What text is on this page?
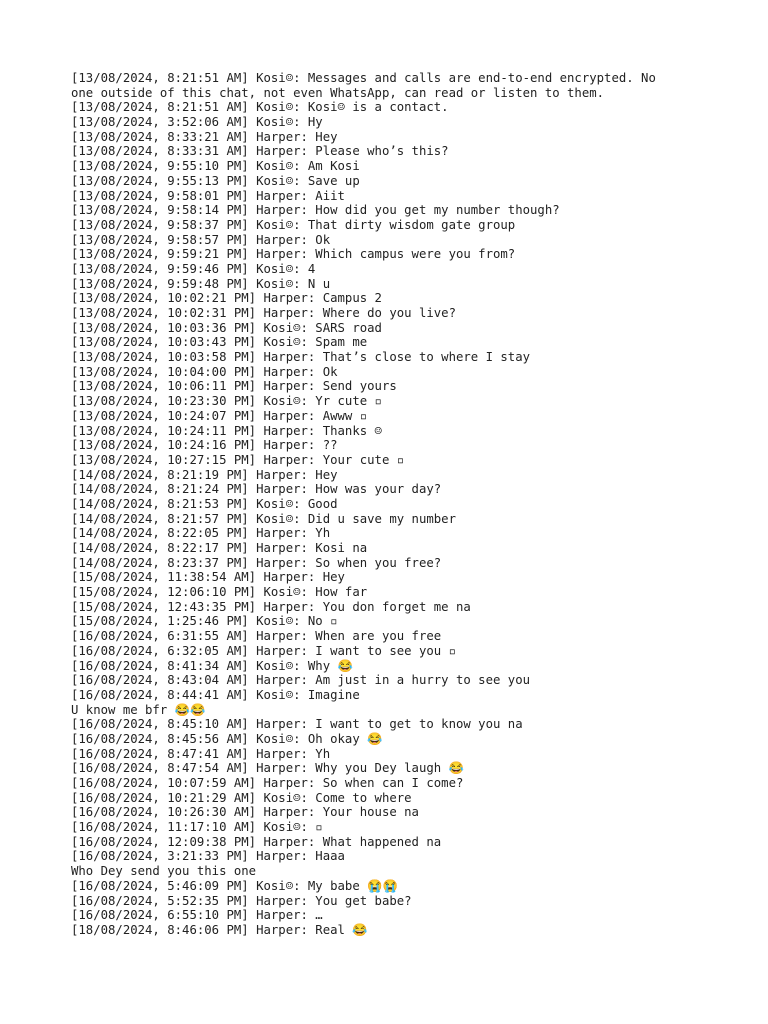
[13/08/2024, 8:21:51 AM] Kosi☺: Messages and calls are end-to-end encrypted. No
one outside of this chat, not even WhatsApp, can read or listen to them.
[13/08/2024, 8:21:51 AM] Kosi☺: Kosi☺ is a contact.
[13/08/2024, 3:52:06 AM] Kosi☺: Hy
[13/08/2024, 8:33:21 AM] Harper: Hey
[13/08/2024, 8:33:31 AM] Harper: Please who’s this?
[13/08/2024, 9:55:10 PM] Kosi☺: Am Kosi
[13/08/2024, 9:55:13 PM] Kosi☺: Save up
[13/08/2024, 9:58:01 PM] Harper: Aiit
[13/08/2024, 9:58:14 PM] Harper: How did you get my number though?
[13/08/2024, 9:58:37 PM] Kosi☺: That dirty wisdom gate group
[13/08/2024, 9:58:57 PM] Harper: Ok
[13/08/2024, 9:59:21 PM] Harper: Which campus were you from?
[13/08/2024, 9:59:46 PM] Kosi☺: 4
[13/08/2024, 9:59:48 PM] Kosi☺: N u
[13/08/2024, 10:02:21 PM] Harper: Campus 2
[13/08/2024, 10:02:31 PM] Harper: Where do you live?
[13/08/2024, 10:03:36 PM] Kosi☺: SARS road
[13/08/2024, 10:03:43 PM] Kosi☺: Spam me
[13/08/2024, 10:03:58 PM] Harper: That’s close to where I stay
[13/08/2024, 10:04:00 PM] Harper: Ok
[13/08/2024, 10:06:11 PM] Harper: Send yours
[13/08/2024, 10:23:30 PM] Kosi☺: Yr cute ▫
[13/08/2024, 10:24:07 PM] Harper: Awww ▫
[13/08/2024, 10:24:11 PM] Harper: Thanks ☺
[13/08/2024, 10:24:16 PM] Harper: ??
[13/08/2024, 10:27:15 PM] Harper: Your cute ▫
[14/08/2024, 8:21:19 PM] Harper: Hey
[14/08/2024, 8:21:24 PM] Harper: How was your day?
[14/08/2024, 8:21:53 PM] Kosi☺: Good
[14/08/2024, 8:21:57 PM] Kosi☺: Did u save my number
[14/08/2024, 8:22:05 PM] Harper: Yh
[14/08/2024, 8:22:17 PM] Harper: Kosi na
[14/08/2024, 8:23:37 PM] Harper: So when you free?
[15/08/2024, 11:38:54 AM] Harper: Hey
[15/08/2024, 12:06:10 PM] Kosi☺: How far
[15/08/2024, 12:43:35 PM] Harper: You don forget me na
[15/08/2024, 1:25:46 PM] Kosi☺: No ▫
[16/08/2024, 6:31:55 AM] Harper: When are you free
[16/08/2024, 6:32:05 AM] Harper: I want to see you ▫
[16/08/2024, 8:41:34 AM] Kosi☺: Why 😂
[16/08/2024, 8:43:04 AM] Harper: Am just in a hurry to see you
[16/08/2024, 8:44:41 AM] Kosi☺: Imagine
U know me bfr 😂😂
[16/08/2024, 8:45:10 AM] Harper: I want to get to know you na
[16/08/2024, 8:45:56 AM] Kosi☺: Oh okay 😂
[16/08/2024, 8:47:41 AM] Harper: Yh
[16/08/2024, 8:47:54 AM] Harper: Why you Dey laugh 😂
[16/08/2024, 10:07:59 AM] Harper: So when can I come?
[16/08/2024, 10:21:29 AM] Kosi☺: Come to where
[16/08/2024, 10:26:30 AM] Harper: Your house na
[16/08/2024, 11:17:10 AM] Kosi☺: ▫
[16/08/2024, 12:09:38 PM] Harper: What happened na
[16/08/2024, 3:21:33 PM] Harper: Haaa
Who Dey send you this one
[16/08/2024, 5:46:09 PM] Kosi☺: My babe 😭😭
[16/08/2024, 5:52:35 PM] Harper: You get babe?
[16/08/2024, 6:55:10 PM] Harper: …
[18/08/2024, 8:46:06 PM] Harper: Real 😂
